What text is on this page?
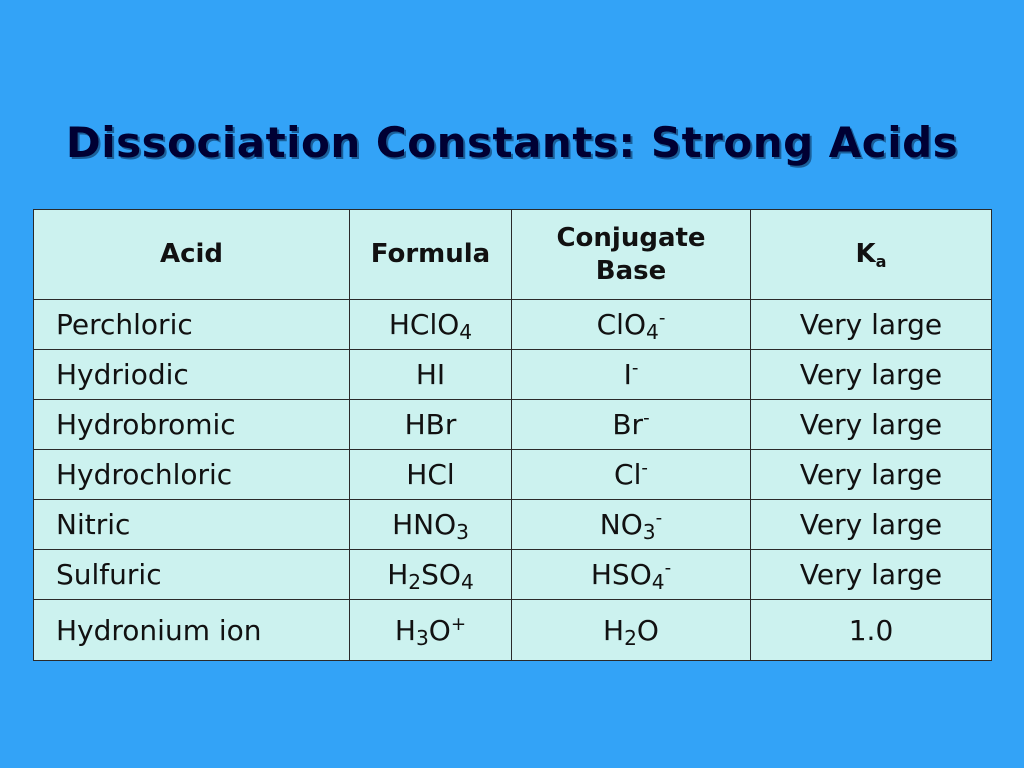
Dissociation Constants: Strong Acids
Acid	Formula	Conjugate Base	Ka
Perchloric	HClO$_4$	ClO$_4$-	Very large
Hydriodic	HI	I-	Very large
Hydrobromic	HBr	Br-	Very large
Hydrochloric	HCl	Cl-	Very large
Nitric	$HNO_3$	$NO_3^-$	Very large
Sulfuric	$H_2SO_4$	$HSO_4^-$	Very large
Hydronium ion	$H_3O^+$	$H_2O$	1.0
